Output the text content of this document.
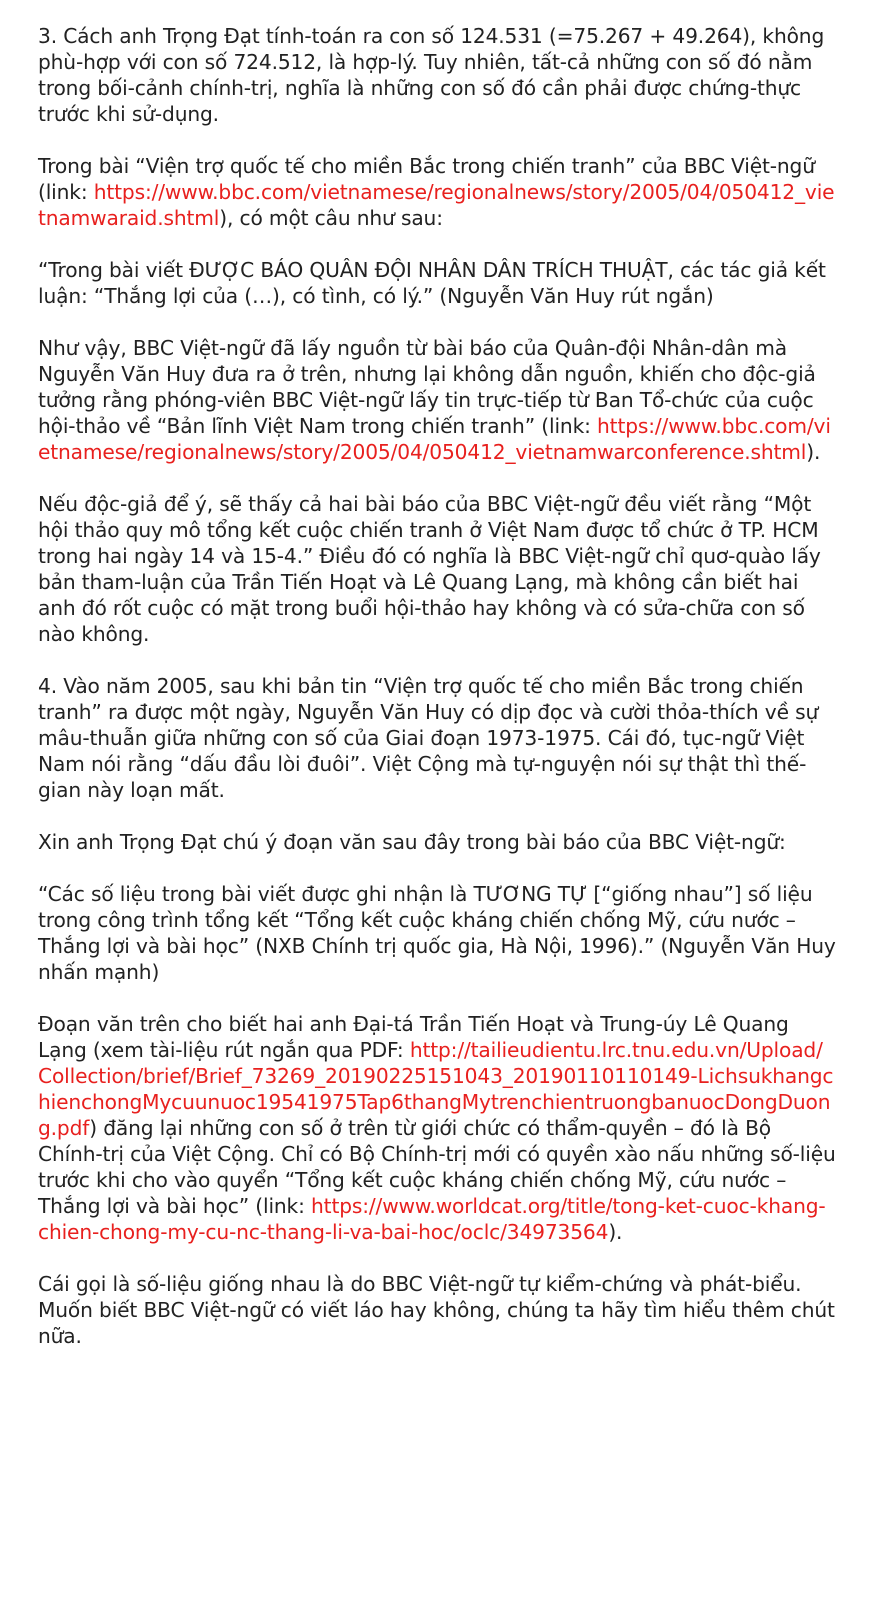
3. Cách anh Trọng Đạt tính-toán ra con số 124.531 (=75.267 + 49.264), không phù-hợp với con số 724.512, là hợp-lý. Tuy nhiên, tất-cả những con số đó nằm trong bối-cảnh chính-trị, nghĩa là những con số đó cần phải được chứng-thực trước khi sử-dụng.

Trong bài “Viện trợ quốc tế cho miền Bắc trong chiến tranh” của BBC Việt-ngữ (link: https://www.bbc.com/vietnamese/regionalnews/story/2005/04/050412_vietnamwaraid.shtml), có một câu như sau:

“Trong bài viết ĐƯỢC BÁO QUÂN ĐỘI NHÂN DÂN TRÍCH THUẬT, các tác giả kết luận: “Thắng lợi của (…), có tình, có lý.” (Nguyễn Văn Huy rút ngắn)

Như vậy, BBC Việt-ngữ đã lấy nguồn từ bài báo của Quân-đội Nhân-dân mà Nguyễn Văn Huy đưa ra ở trên, nhưng lại không dẫn nguồn, khiến cho độc-giả tưởng rằng phóng-viên BBC Việt-ngữ lấy tin trực-tiếp từ Ban Tổ-chức của cuộc hội-thảo về “Bản lĩnh Việt Nam trong chiến tranh” (link: https://www.bbc.com/vietnamese/regionalnews/story/2005/04/050412_vietnamwarconference.shtml).

Nếu độc-giả để ý, sẽ thấy cả hai bài báo của BBC Việt-ngữ đều viết rằng “Một hội thảo quy mô tổng kết cuộc chiến tranh ở Việt Nam được tổ chức ở TP. HCM trong hai ngày 14 và 15-4.” Điều đó có nghĩa là BBC Việt-ngữ chỉ quơ-quào lấy bản tham-luận của Trần Tiến Hoạt và Lê Quang Lạng, mà không cần biết hai anh đó rốt cuộc có mặt trong buổi hội-thảo hay không và có sửa-chữa con số nào không.

4. Vào năm 2005, sau khi bản tin “Viện trợ quốc tế cho miền Bắc trong chiến tranh” ra được một ngày, Nguyễn Văn Huy có dịp đọc và cười thỏa-thích về sự mâu-thuẫn giữa những con số của Giai đoạn 1973-1975. Cái đó, tục-ngữ Việt Nam nói rằng “dấu đầu lòi đuôi”. Việt Cộng mà tự-nguyện nói sự thật thì thế-gian này loạn mất.

Xin anh Trọng Đạt chú ý đoạn văn sau đây trong bài báo của BBC Việt-ngữ:

“Các số liệu trong bài viết được ghi nhận là TƯƠNG TỰ [“giống nhau”] số liệu trong công trình tổng kết “Tổng kết cuộc kháng chiến chống Mỹ, cứu nước – Thắng lợi và bài học” (NXB Chính trị quốc gia, Hà Nội, 1996).” (Nguyễn Văn Huy nhấn mạnh)

Đoạn văn trên cho biết hai anh Đại-tá Trần Tiến Hoạt và Trung-úy Lê Quang Lạng (xem tài-liệu rút ngắn qua PDF: http://tailieudientu.lrc.tnu.edu.vn/Upload/Collection/brief/Brief_73269_20190225151043_20190110110149-LichsukhangchienchongMycuunuoc19541975Tap6thangMytrenchientruongbanuocDongDuong.pdf) đăng lại những con số ở trên từ giới chức có thẩm-quyền – đó là Bộ Chính-trị của Việt Cộng. Chỉ có Bộ Chính-trị mới có quyền xào nấu những số-liệu trước khi cho vào quyển “Tổng kết cuộc kháng chiến chống Mỹ, cứu nước – Thắng lợi và bài học” (link: https://www.worldcat.org/title/tong-ket-cuoc-khang-chien-chong-my-cu-nc-thang-li-va-bai-hoc/oclc/34973564).

Cái gọi là số-liệu giống nhau là do BBC Việt-ngữ tự kiểm-chứng và phát-biểu. Muốn biết BBC Việt-ngữ có viết láo hay không, chúng ta hãy tìm hiểu thêm chút nữa.
